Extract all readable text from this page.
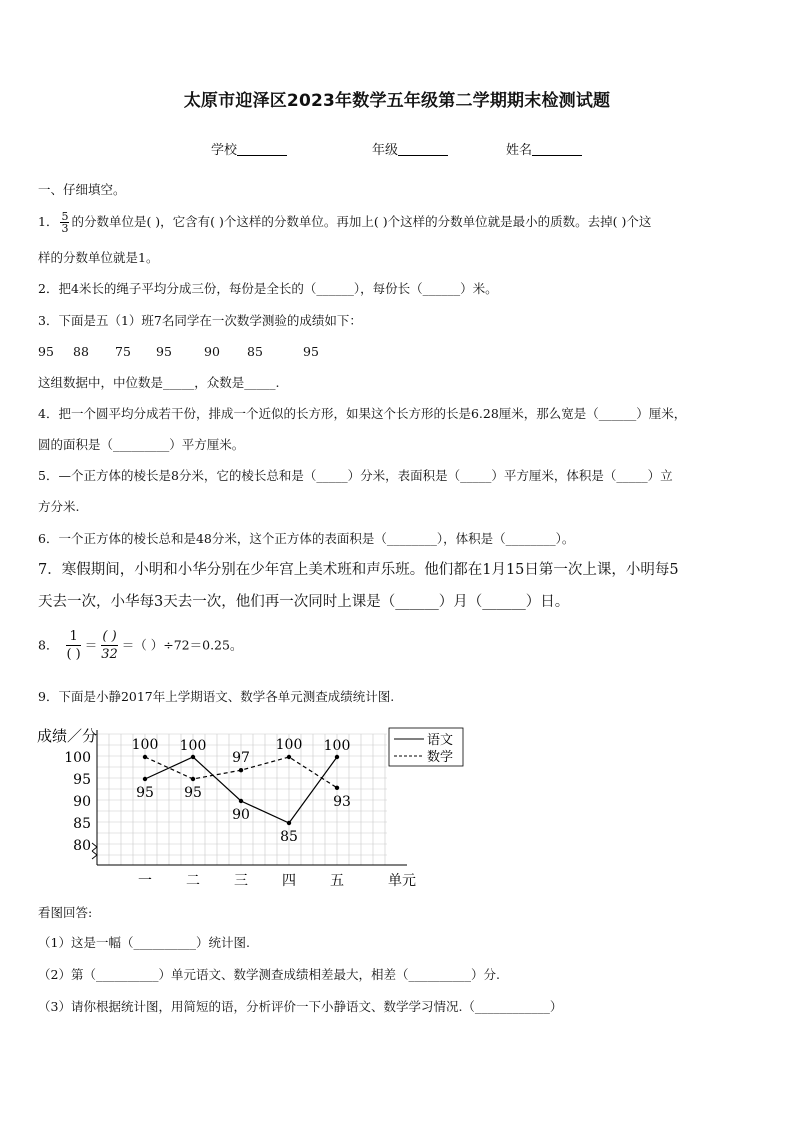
太原市迎泽区2023年数学五年级第二学期期末检测试题
学校	年级	姓名
一、仔细填空。
1． $\frac{5}{3}$ 的分数单位是( )，它含有( )个这样的分数单位。再加上( )个这样的分数单位就是最小的质数。去掉( )个这
样的分数单位就是1。
2．把4米长的绳子平均分成三份，每份是全长的（______），每份长（______）米。
3．下面是五（1）班7名同学在一次数学测验的成绩如下：
95 88 75 95	90 85	95
这组数据中，中位数是_____，众数是_____.
4．把一个圆平均分成若干份，排成一个近似的长方形，如果这个长方形的长是6.28厘米，那么宽是（______）厘米，
圆的面积是（_________）平方厘米。
5．—个正方体的棱长是8分米，它的棱长总和是（_____）分米，表面积是（_____）平方厘米，体积是（_____）立
方分米.
6．一个正方体的棱长总和是48分米，这个正方体的表面积是（________），体积是（________）。
7．寒假期间，小明和小华分别在少年宫上美术班和声乐班。他们都在1月15日第一次上课，小明每5
天去一次，小华每3天去一次，他们再一次同时上课是（______）月（______）日。
8． $\frac{1}{( )} = \frac{( )}{32}$ ＝（ ）÷72＝0.25。
9．下面是小静2017年上学期语文、数学各单元测查成绩统计图.
成绩／分
100
95
90
85
80
一 二 三 四 五	单元
95
100
90
85
100
100
95
97
100
93
语文
数学
看图回答:
（1）这是一幅（__________）统计图.
（2）第（__________）单元语文、数学测查成绩相差最大，相差（__________）分.
（3）请你根据统计图，用简短的语，分析评价一下小静语文、数学学习情况.（____________）
